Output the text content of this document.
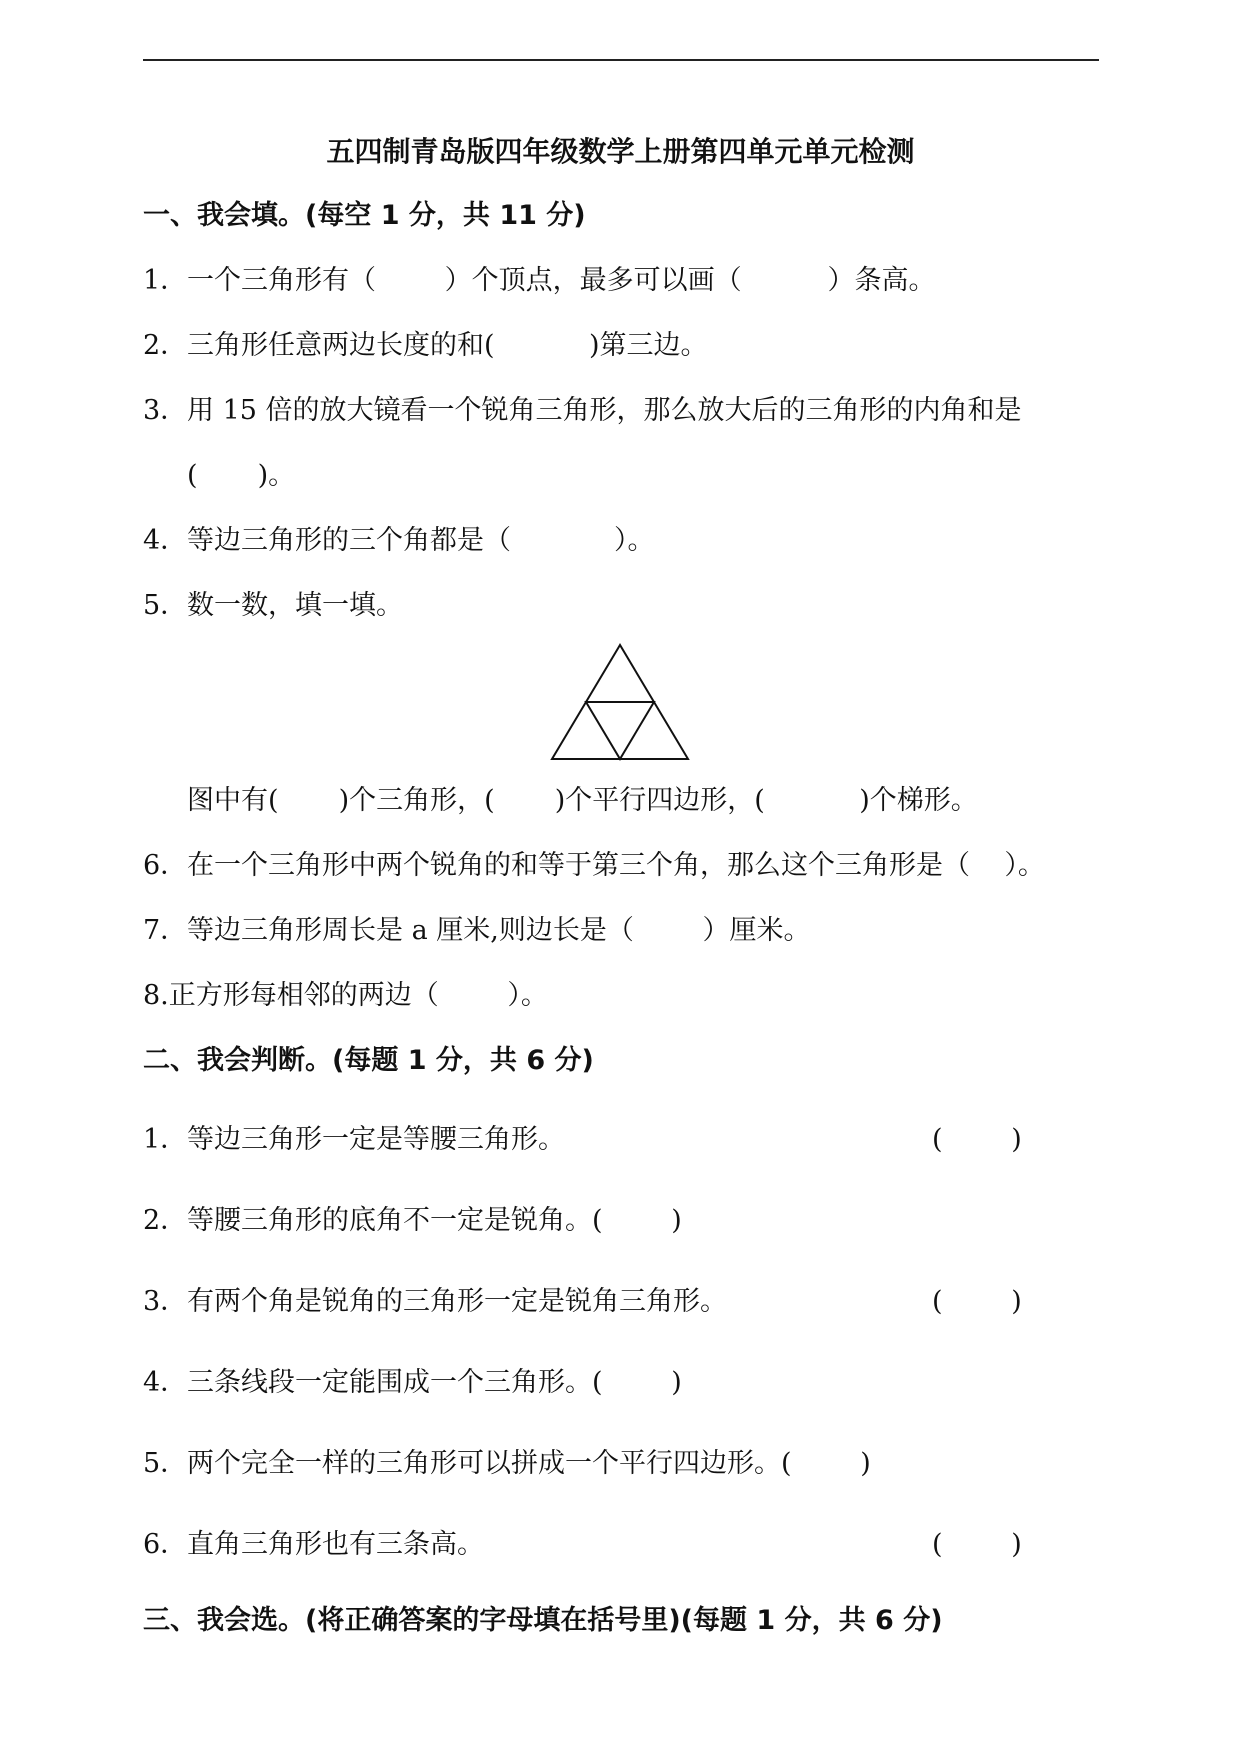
五四制青岛版四年级数学上册第四单元单元检测
一、我会填。(每空 1 分，共 11 分)
1．一个三角形有（        ）个顶点，最多可以画（          ）条高。
2．三角形任意两边长度的和(           )第三边。
3．用 15 倍的放大镜看一个锐角三角形，那么放大后的三角形的内角和是
(       )。
4．等边三角形的三个角都是（            ）。
5．数一数，填一填。
图中有(       )个三角形，(       )个平行四边形，(           )个梯形。
6．在一个三角形中两个锐角的和等于第三个角，那么这个三角形是（    ）。
7．等边三角形周长是 a 厘米,则边长是（        ）厘米。
8.正方形每相邻的两边（        ）。
二、我会判断。(每题 1 分，共 6 分)
1．等边三角形一定是等腰三角形。	(        )
2．等腰三角形的底角不一定是锐角。(        )
3．有两个角是锐角的三角形一定是锐角三角形。	(        )
4．三条线段一定能围成一个三角形。(        )
5．两个完全一样的三角形可以拼成一个平行四边形。(        )
6．直角三角形也有三条高。	(        )
三、我会选。(将正确答案的字母填在括号里)(每题 1 分，共 6 分)
